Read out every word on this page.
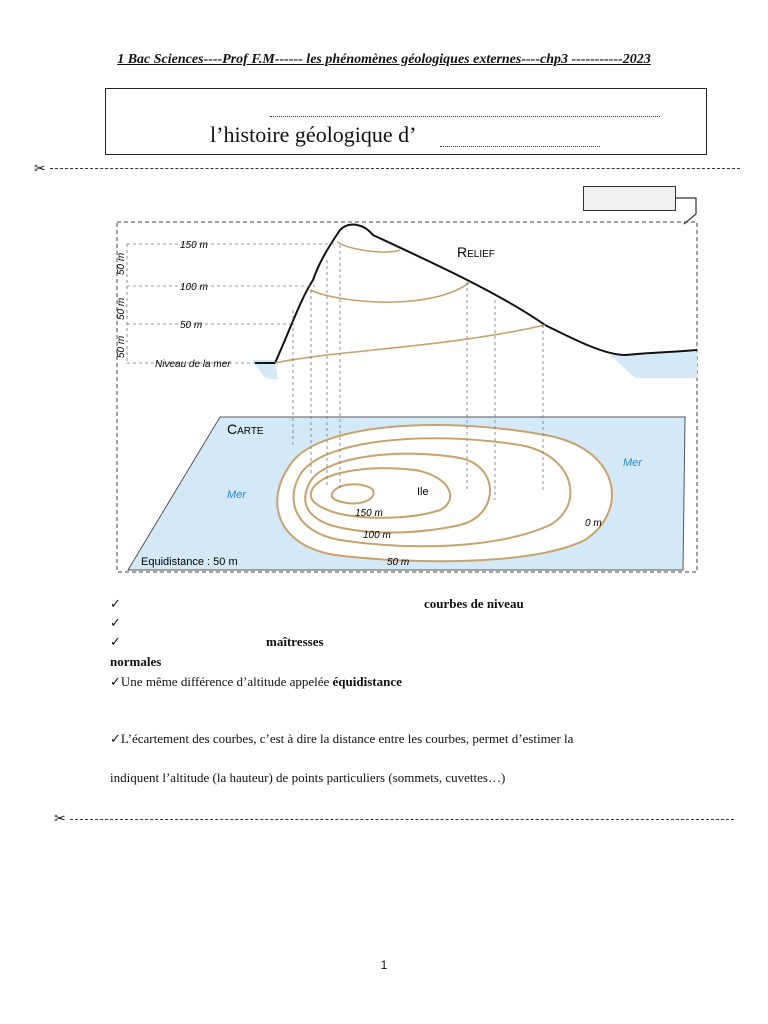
1 Bac Sciences----Prof F.M------ les phénomènes géologiques externes----chp3 -----------2023
l’histoire géologique d’
✂
150 m
100 m
50 m
Niveau de la mer
50 m
50 m
50 m
Relief
Carte
Mer
Mer
Ile
150 m
100 m
50 m
0 m
Equidistance : 50 m
✓	courbes de niveau
✓
✓	maîtresses
normales
✓Une même différence d’altitude appelée équidistance
✓L’écartement des courbes, c’est à dire la distance entre les courbes, permet d’estimer la
indiquent l’altitude (la hauteur) de points particuliers (sommets, cuvettes…)
✂
1
